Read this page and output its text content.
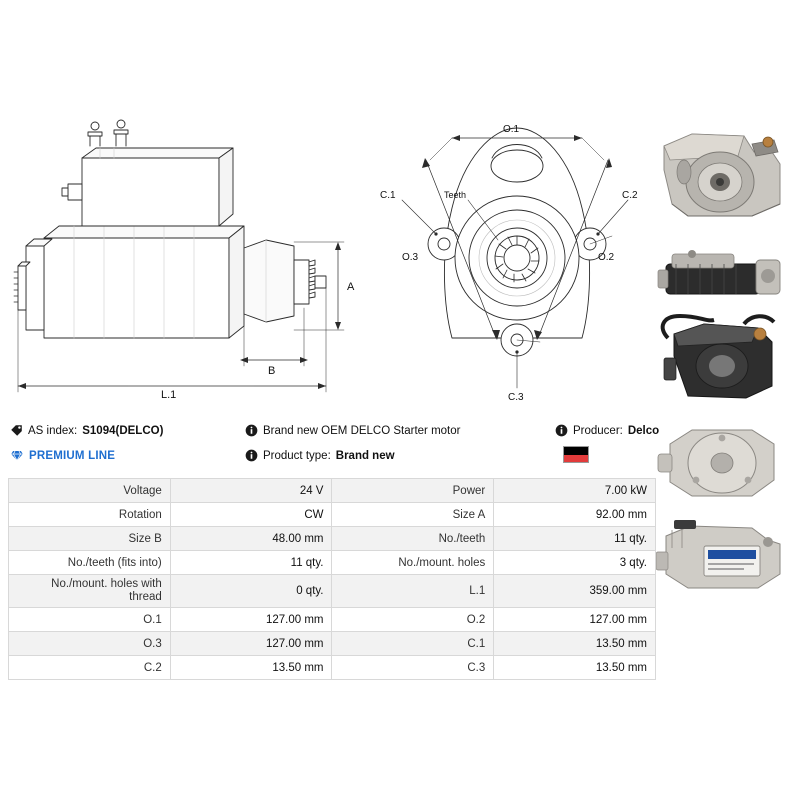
A
B
L.1
O.1
O.2
O.3
C.1	C.2
C.3
Teeth
AS index: S1094(DELCO)	Brand new OEM DELCO Starter motor	Producer: Delco
PREMIUM LINE	Product type: Brand new
Voltage	24 V	Power	7.00 kW
Rotation	CW	Size A	92.00 mm
Size B	48.00 mm	No./teeth	11 qty.
No./teeth (fits into)	11 qty.	No./mount. holes	3 qty.
No./mount. holes with thread	0 qty.	L.1	359.00 mm
O.1	127.00 mm	O.2	127.00 mm
O.3	127.00 mm	C.1	13.50 mm
C.2	13.50 mm	C.3	13.50 mm
